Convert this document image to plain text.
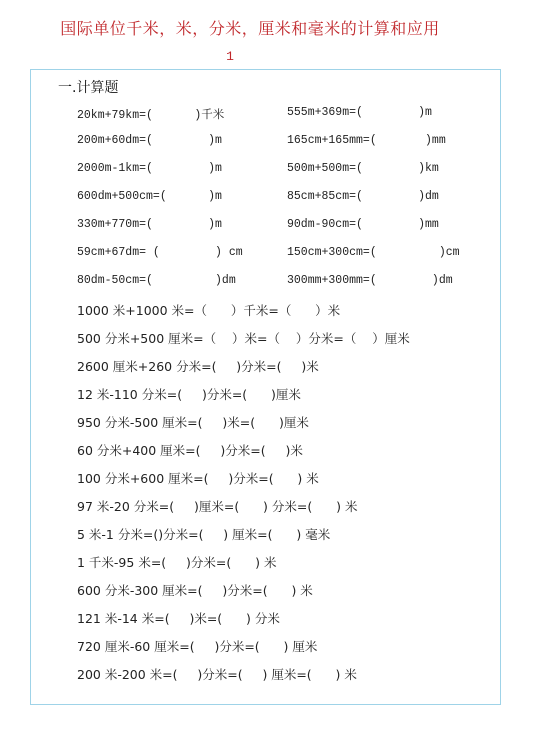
国际单位千米，米，分米，厘米和毫米的计算和应用
1
一.计算题
20km+79km=(      )千米	555m+369m=(        )m
200m+60dm=(        )m	165cm+165mm=(       )mm
2000m-1km=(        )m	500m+500m=(        )km
600dm+500cm=(      )m	85cm+85cm=(        )dm
330m+770m=(        )m	90dm-90cm=(        )mm
59cm+67dm= (        ) cm	150cm+300cm=(         )cm
80dm-50cm=(         )dm	300mm+300mm=(        )dm
1000 米+1000 米=（      ）千米=（      ）米
500 分米+500 厘米=（    ）米=（    ）分米=（    ）厘米
2600 厘米+260 分米=(     )分米=(     )米
12 米-110 分米=(     )分米=(      )厘米
950 分米-500 厘米=(     )米=(      )厘米
60 分米+400 厘米=(     )分米=(     )米
100 分米+600 厘米=(     )分米=(      ) 米
97 米-20 分米=(     )厘米=(      ) 分米=(      ) 米
5 米-1 分米=()分米=(     ) 厘米=(      ) 毫米
1 千米-95 米=(     )分米=(      ) 米
600 分米-300 厘米=(     )分米=(      ) 米
121 米-14 米=(     )米=(      ) 分米
720 厘米-60 厘米=(     )分米=(      ) 厘米
200 米-200 米=(     )分米=(     ) 厘米=(      ) 米
